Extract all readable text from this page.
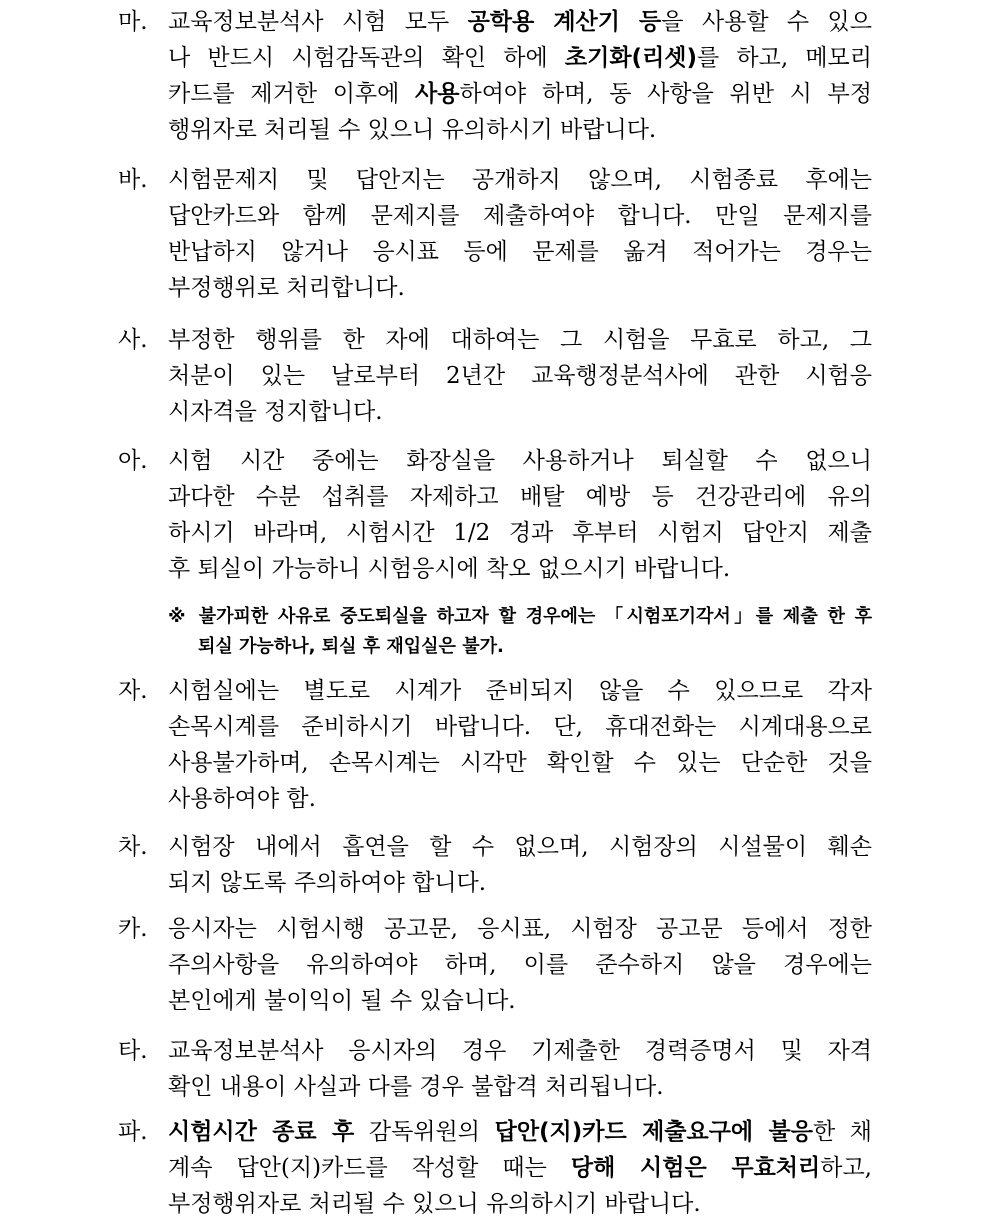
마. 교육정보분석사 시험 모두 공학용 계산기 등을 사용할 수 있으
나 반드시 시험감독관의 확인 하에 초기화(리셋)를 하고, 메모리
카드를 제거한 이후에 사용하여야 하며, 동 사항을 위반 시 부정
행위자로 처리될 수 있으니 유의하시기 바랍니다.
바. 시험문제지 및 답안지는 공개하지 않으며, 시험종료 후에는
답안카드와 함께 문제지를 제출하여야 합니다. 만일 문제지를
반납하지 않거나 응시표 등에 문제를 옮겨 적어가는 경우는
부정행위로 처리합니다.
사. 부정한 행위를 한 자에 대하여는 그 시험을 무효로 하고, 그
처분이 있는 날로부터 2년간 교육행정분석사에 관한 시험응
시자격을 정지합니다.
아. 시험 시간 중에는 화장실을 사용하거나 퇴실할 수 없으니
과다한 수분 섭취를 자제하고 배탈 예방 등 건강관리에 유의
하시기 바라며, 시험시간 1/2 경과 후부터 시험지 답안지 제출
후 퇴실이 가능하니 시험응시에 착오 없으시기 바랍니다.
자. 시험실에는 별도로 시계가 준비되지 않을 수 있으므로 각자
손목시계를 준비하시기 바랍니다. 단, 휴대전화는 시계대용으로
사용불가하며, 손목시계는 시각만 확인할 수 있는 단순한 것을
사용하여야 함.
차. 시험장 내에서 흡연을 할 수 없으며, 시험장의 시설물이 훼손
되지 않도록 주의하여야 합니다.
카. 응시자는 시험시행 공고문, 응시표, 시험장 공고문 등에서 정한
주의사항을 유의하여야 하며, 이를 준수하지 않을 경우에는
본인에게 불이익이 될 수 있습니다.
타. 교육정보분석사 응시자의 경우 기제출한 경력증명서 및 자격
확인 내용이 사실과 다를 경우 불합격 처리됩니다.
파. 시험시간 종료 후 감독위원의 답안(지)카드 제출요구에 불응한 채
계속 답안(지)카드를 작성할 때는 당해 시험은 무효처리하고,
부정행위자로 처리될 수 있으니 유의하시기 바랍니다.
※ 불가피한 사유로 중도퇴실을 하고자 할 경우에는 「시험포기각서」를 제출 한 후
퇴실 가능하나, 퇴실 후 재입실은 불가.
